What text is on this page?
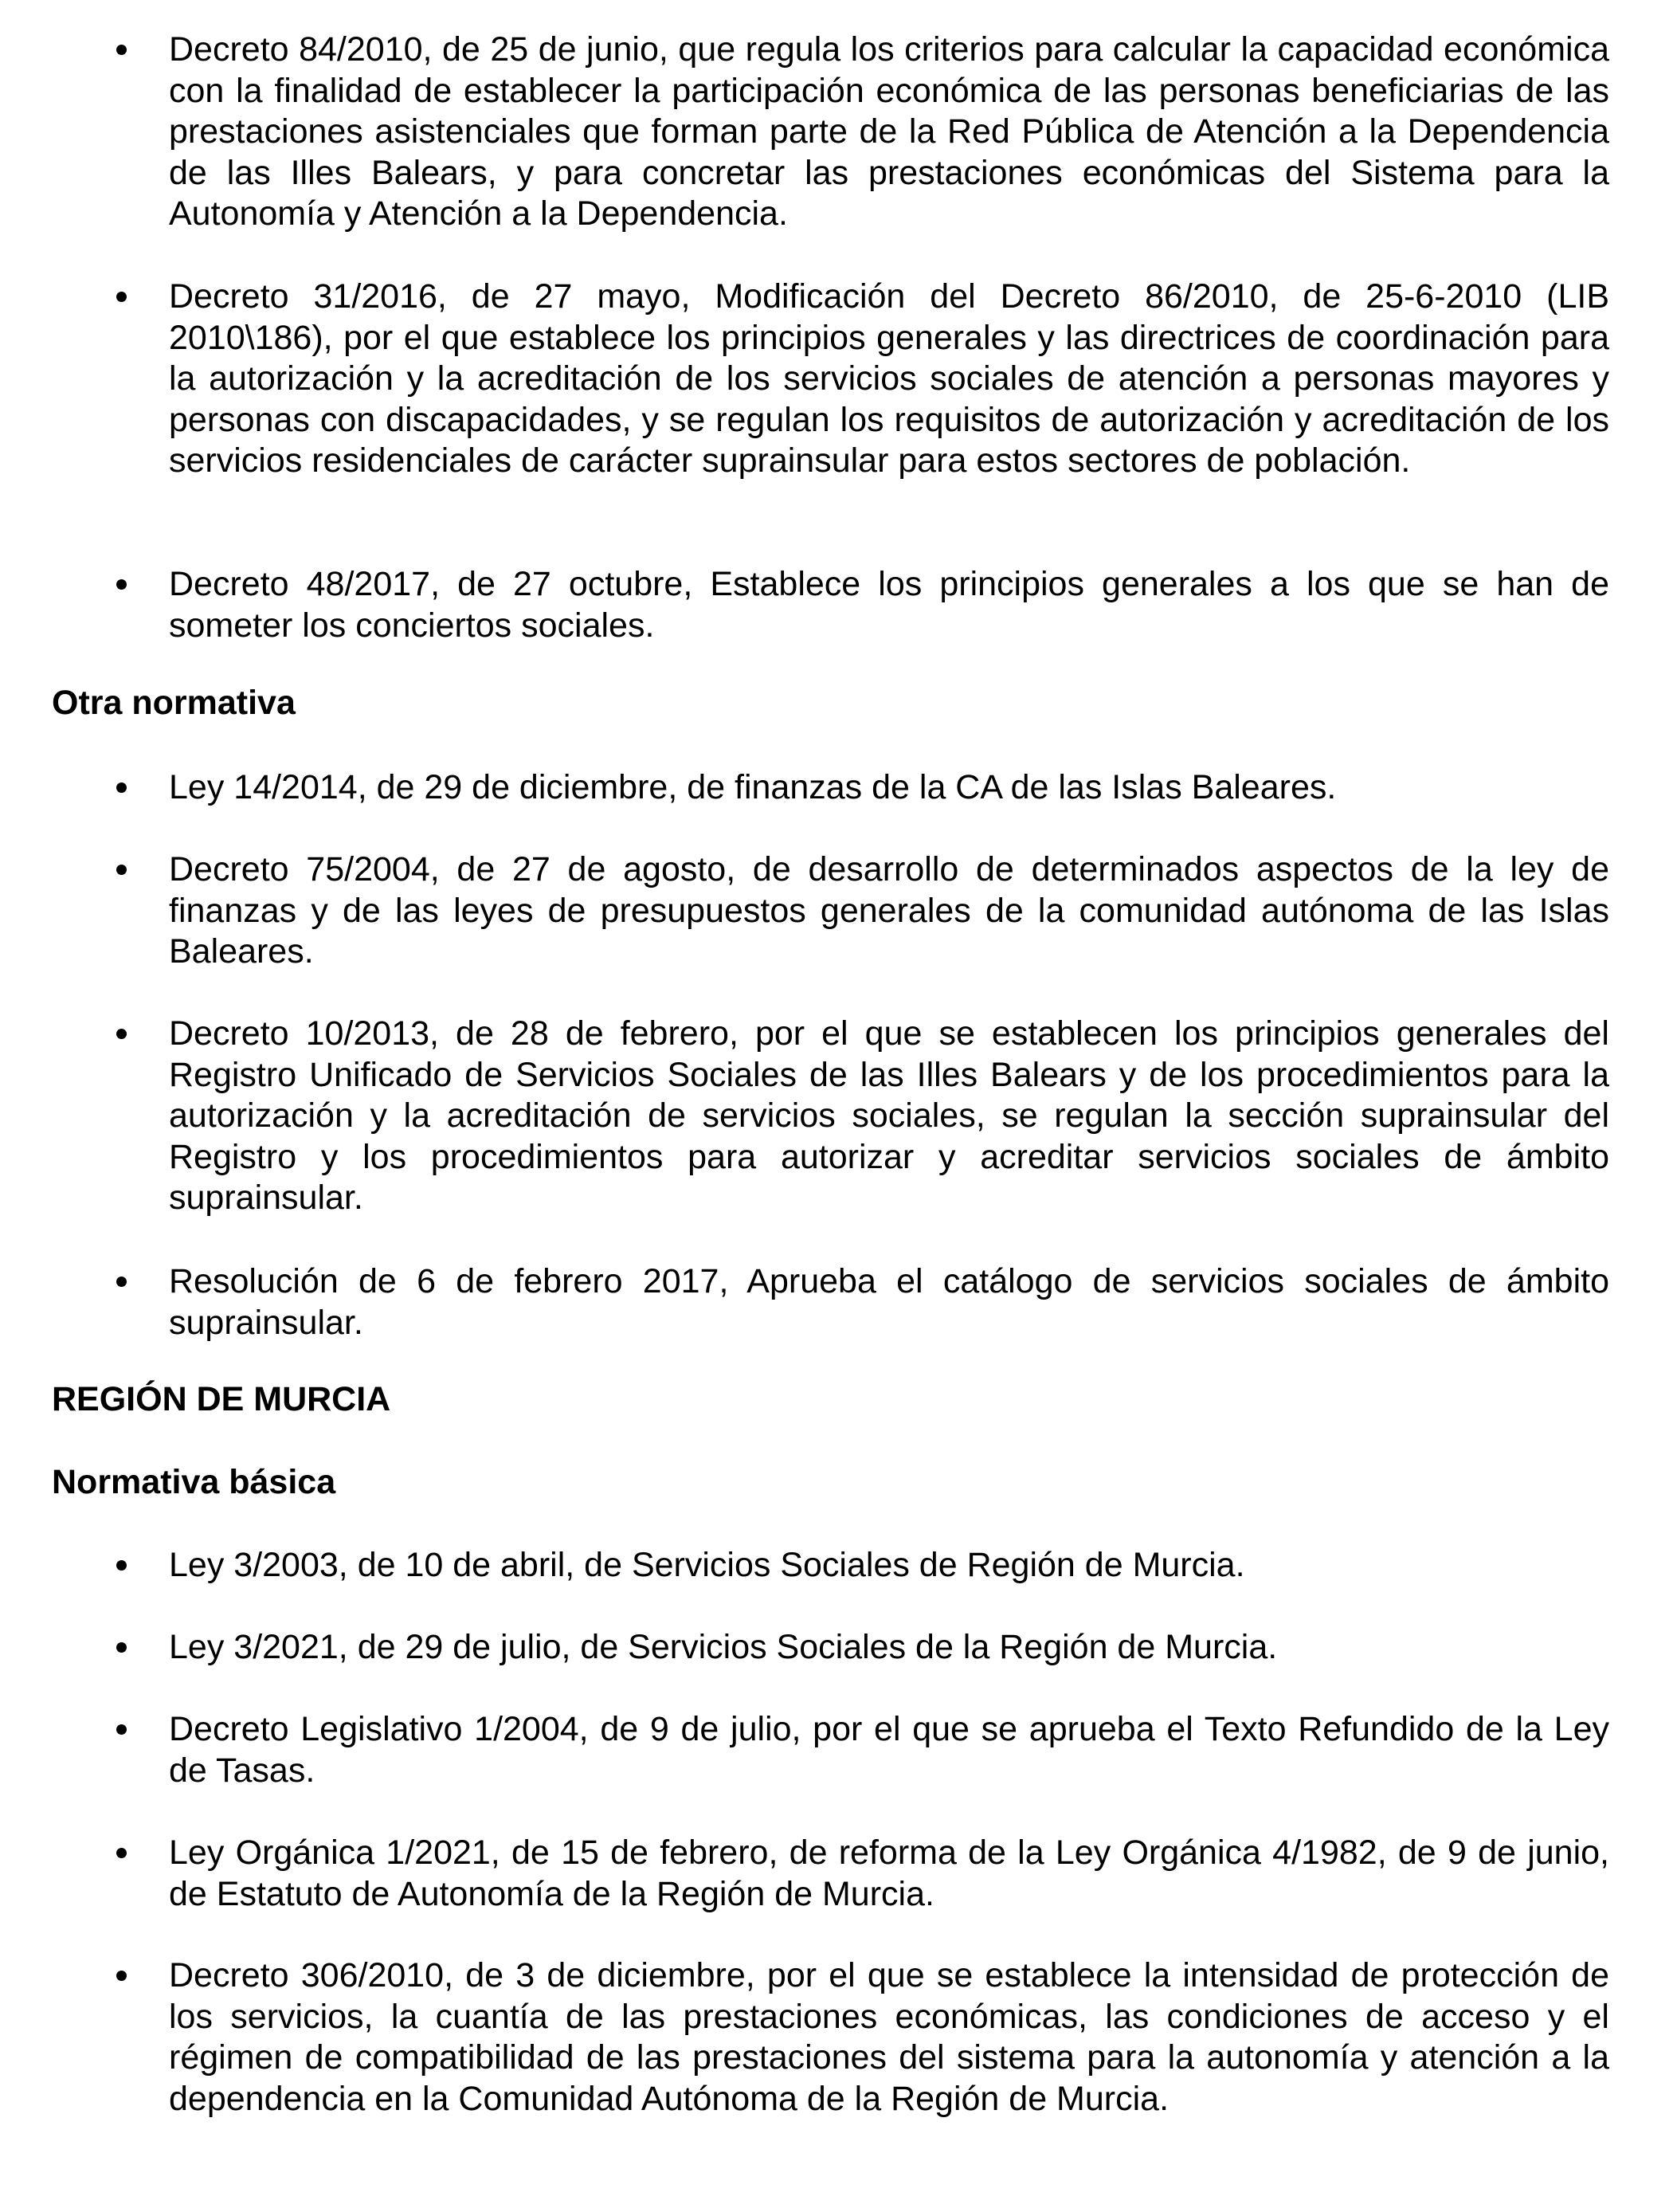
Decreto 84/2010, de 25 de junio, que regula los criterios para calcular la capacidad económica con la finalidad de establecer la participación económica de las personas beneficiarias de las prestaciones asistenciales que forman parte de la Red Pública de Atención a la Dependencia de las Illes Balears, y para concretar las prestaciones económicas del Sistema para la Autonomía y Atención a la Dependencia.
Decreto 31/2016, de 27 mayo, Modificación del Decreto 86/2010, de 25-6-2010 (LIB 2010\186), por el que establece los principios generales y las directrices de coordinación para la autorización y la acreditación de los servicios sociales de atención a personas mayores y personas con discapacidades, y se regulan los requisitos de autorización y acreditación de los servicios residenciales de carácter suprainsular para estos sectores de población.
Decreto 48/2017, de 27 octubre, Establece los principios generales a los que se han de someter los conciertos sociales.
Otra normativa
Ley 14/2014, de 29 de diciembre, de finanzas de la CA de las Islas Baleares.
Decreto 75/2004, de 27 de agosto, de desarrollo de determinados aspectos de la ley de finanzas y de las leyes de presupuestos generales de la comunidad autónoma de las Islas Baleares.
Decreto 10/2013, de 28 de febrero, por el que se establecen los principios generales del Registro Unificado de Servicios Sociales de las Illes Balears y de los procedimientos para la autorización y la acreditación de servicios sociales, se regulan la sección suprainsular del Registro y los procedimientos para autorizar y acreditar servicios sociales de ámbito suprainsular.
Resolución de 6 de febrero 2017, Aprueba el catálogo de servicios sociales de ámbito suprainsular.
REGIÓN DE MURCIA
Normativa básica
Ley 3/2003, de 10 de abril, de Servicios Sociales de Región de Murcia.
Ley 3/2021, de 29 de julio, de Servicios Sociales de la Región de Murcia.
Decreto Legislativo 1/2004, de 9 de julio, por el que se aprueba el Texto Refundido de la Ley de Tasas.
Ley Orgánica 1/2021, de 15 de febrero, de reforma de la Ley Orgánica 4/1982, de 9 de junio, de Estatuto de Autonomía de la Región de Murcia.
Decreto 306/2010, de 3 de diciembre, por el que se establece la intensidad de protección de los servicios, la cuantía de las prestaciones económicas, las condiciones de acceso y el régimen de compatibilidad de las prestaciones del sistema para la autonomía y atención a la dependencia en la Comunidad Autónoma de la Región de Murcia.
